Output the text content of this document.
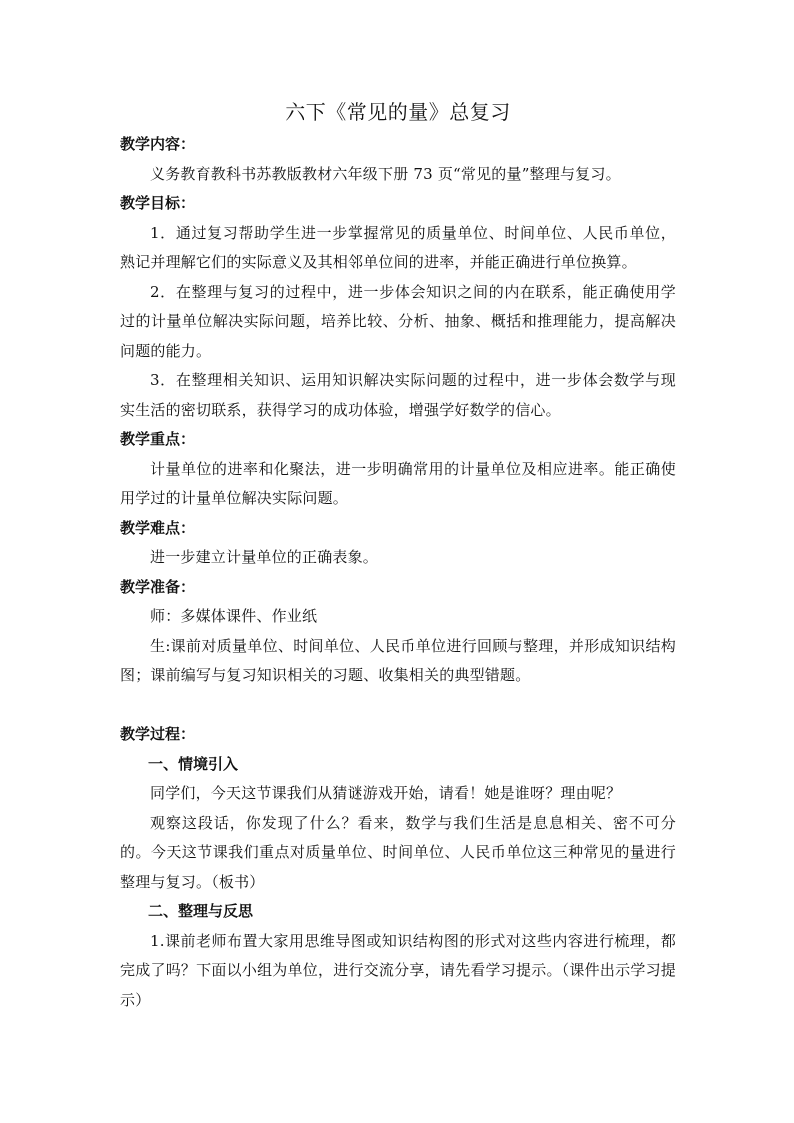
六下《常见的量》总复习
教学内容：

义务教育教科书苏教版教材六年级下册 73 页“常见的量”整理与复习。

教学目标：

1．通过复习帮助学生进一步掌握常见的质量单位、时间单位、人民币单位，熟记并理解它们的实际意义及其相邻单位间的进率，并能正确进行单位换算。

2．在整理与复习的过程中，进一步体会知识之间的内在联系，能正确使用学过的计量单位解决实际问题，培养比较、分析、抽象、概括和推理能力，提高解决问题的能力。

3．在整理相关知识、运用知识解决实际问题的过程中，进一步体会数学与现实生活的密切联系，获得学习的成功体验，增强学好数学的信心。

教学重点：

计量单位的进率和化聚法，进一步明确常用的计量单位及相应进率。能正确使用学过的计量单位解决实际问题。

教学难点：

进一步建立计量单位的正确表象。

教学准备：

师：多媒体课件、作业纸

生:课前对质量单位、时间单位、人民币单位进行回顾与整理，并形成知识结构图；课前编写与复习知识相关的习题、收集相关的典型错题。

教学过程：
一、情境引入

同学们，今天这节课我们从猜谜游戏开始，请看！她是谁呀？理由呢？

观察这段话，你发现了什么？看来，数学与我们生活是息息相关、密不可分的。今天这节课我们重点对质量单位、时间单位、人民币单位这三种常见的量进行整理与复习。（板书）

二、整理与反思

1.课前老师布置大家用思维导图或知识结构图的形式对这些内容进行梳理，都完成了吗？下面以小组为单位，进行交流分享，请先看学习提示。（课件出示学习提示）
